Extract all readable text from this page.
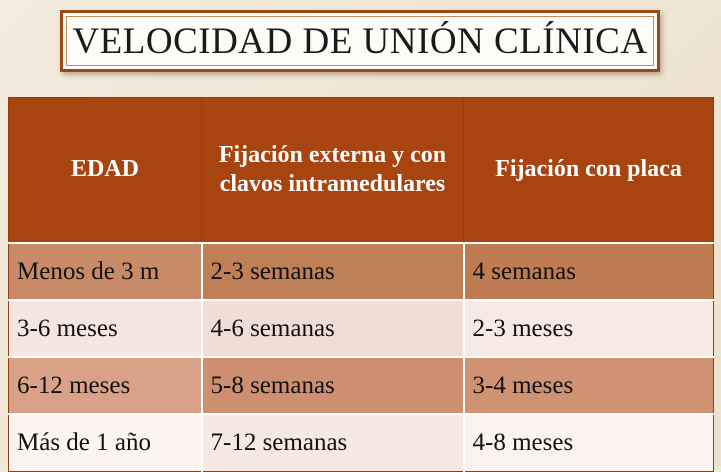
VELOCIDAD DE UNIÓN CLÍNICA
EDAD	Fijación externa y con clavos intramedulares	Fijación con placa
Menos de 3 m	2-3 semanas	4 semanas
3-6 meses	4-6 semanas	2-3 meses
6-12 meses	5-8 semanas	3-4 meses
Más de 1 año	7-12 semanas	4-8 meses
